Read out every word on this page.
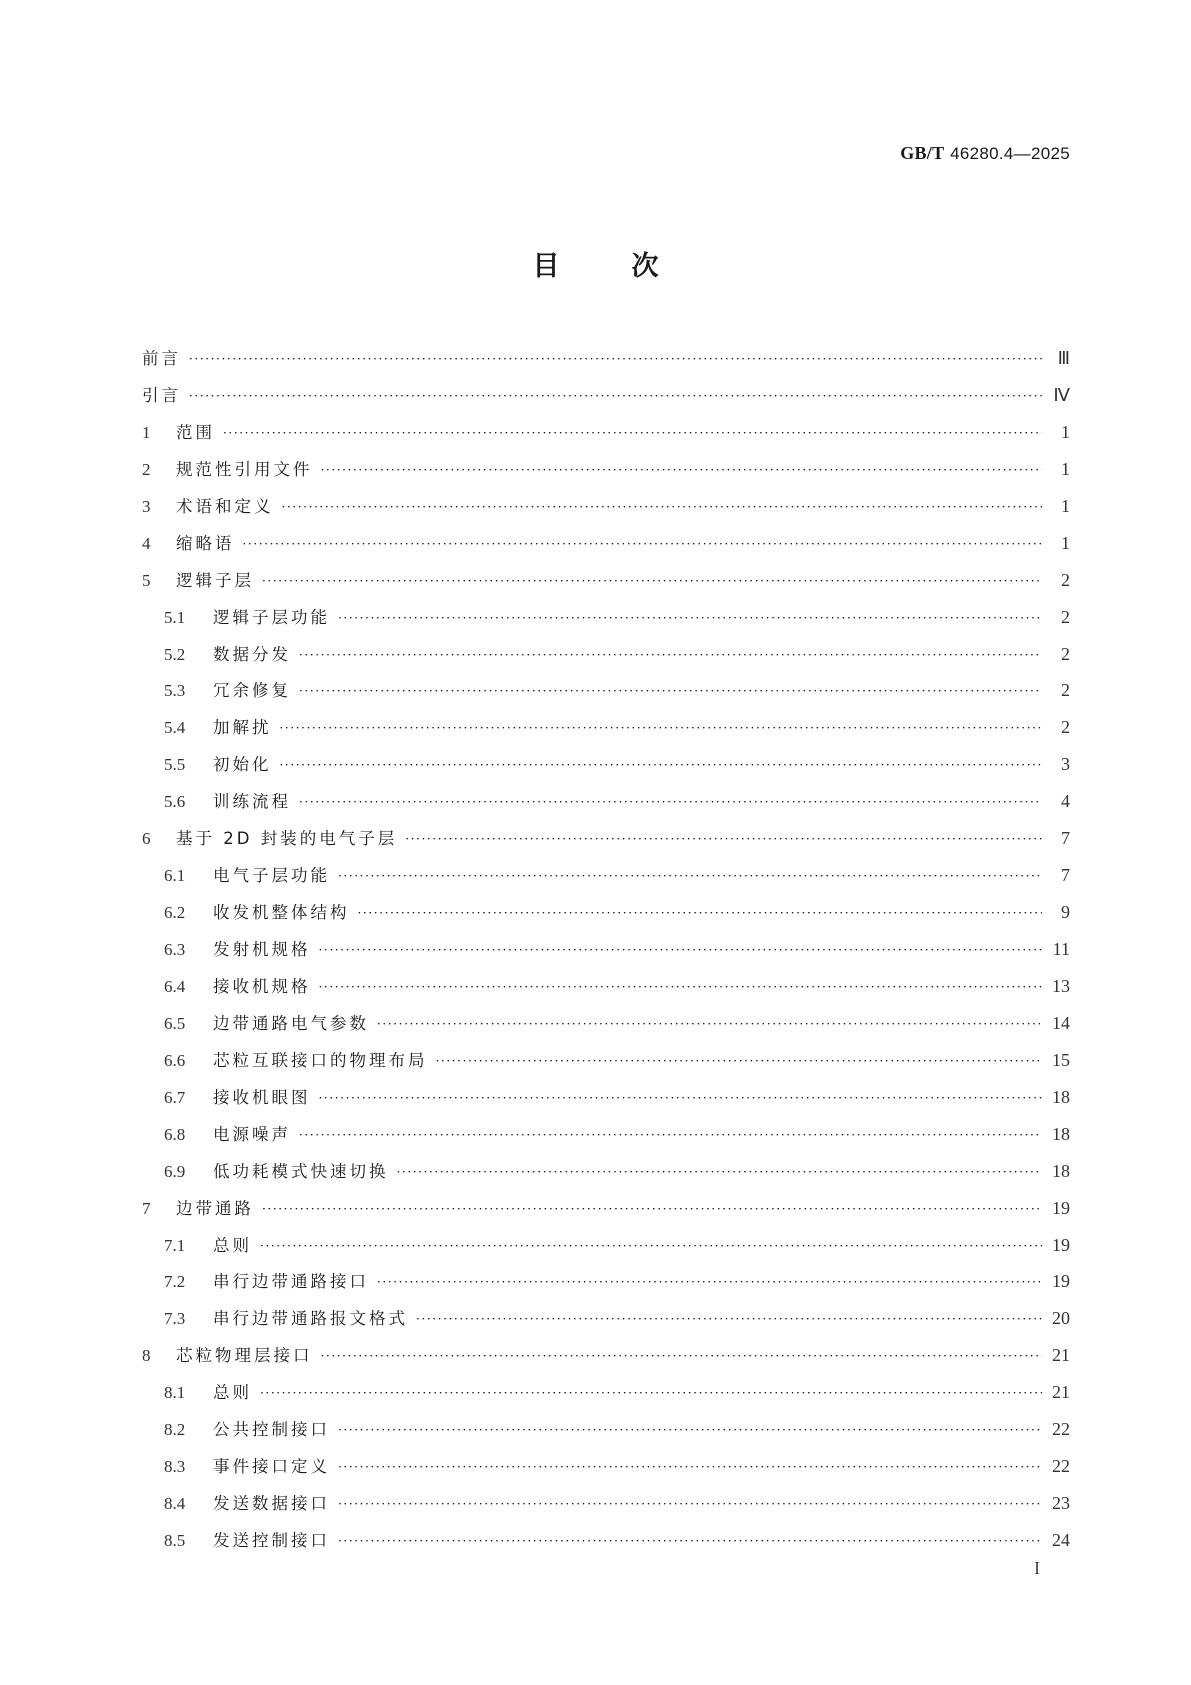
GB/T 46280.4—2025
目	次
前言 ·····	Ⅲ
引言 ·····	Ⅳ
1	范围 ·····	1
2	规范性引用文件 ·····	1
3	术语和定义 ·····	1
4	缩略语 ·····	1
5	逻辑子层 ·····	2
5.1	逻辑子层功能 ·····	2
5.2	数据分发 ·····	2
5.3	冗余修复 ·····	2
5.4	加解扰 ·····	2
5.5	初始化 ·····	3
5.6	训练流程 ·····	4
6	基于 2D 封装的电气子层 ·····	7
6.1	电气子层功能 ·····	7
6.2	收发机整体结构 ·····	9
6.3	发射机规格 ·····	11
6.4	接收机规格 ·····	13
6.5	边带通路电气参数 ·····	14
6.6	芯粒互联接口的物理布局 ·····	15
6.7	接收机眼图 ·····	18
6.8	电源噪声 ·····	18
6.9	低功耗模式快速切换 ·····	18
7	边带通路 ·····	19
7.1	总则 ·····	19
7.2	串行边带通路接口 ·····	19
7.3	串行边带通路报文格式 ·····	20
8	芯粒物理层接口 ·····	21
8.1	总则 ·····	21
8.2	公共控制接口 ·····	22
8.3	事件接口定义 ·····	22
8.4	发送数据接口 ·····	23
8.5	发送控制接口 ·····	24
I
